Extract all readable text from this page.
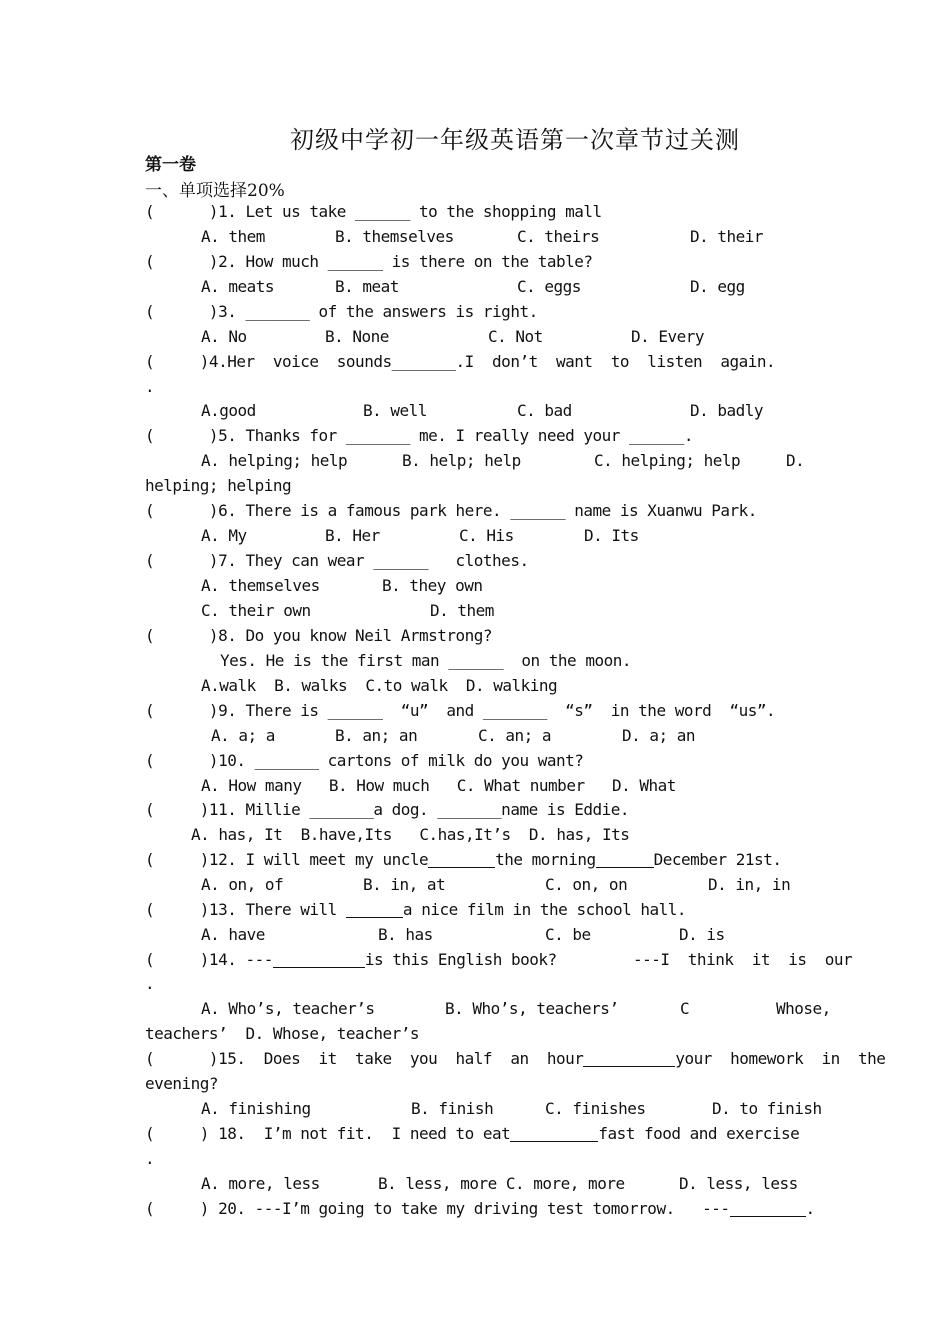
初级中学初一年级英语第一次章节过关测
第一卷
一、单项选择20%
(      )1. Let us take ______ to the shopping mall

A. them

	B. themselves

	C. theirs

	D. their

(      )2. How much ______ is there on the table?

A. meats

	B. meat

	C. eggs

	D. egg

(      )3. _______ of the answers is right.

A. No

	B. None

	C. Not

	D. Every

(     )4.Her  voice  sounds_______.I  don’t  want  to  listen  again.
.

A.good

	B. well

	C. bad

	D. badly

(      )5. Thanks for _______ me. I really need your ______.

A. helping; help

	B. help; help

	C. helping; help

	D.

helping; helping
(      )6. There is a famous park here. ______ name is Xuanwu Park.

A. My

	B. Her

	C. His

	D. Its

(      )7. They can wear ______   clothes.

A. themselves

	B. they own

C. their own

	D. them

(      )8. Do you know Neil Armstrong?
Yes. He is the first man ______  on the moon.
A.walk  B. walks  C.to walk  D. walking
(      )9. There is ______  “u”  and _______  “s”  in the word  “us”.

A. a; a

	B. an; an

	C. an; a

	D. a; an

(      )10. _______ cartons of milk do you want?
A. How many   B. How much   C. What number   D. What
(     )11. Millie _______a dog. _______name is Eddie.
A. has, It  B.have,Its   C.has,It’s  D. has, Its
(     )12. I will meet my uncle	the morning	December 21st.

A. on, of

	B. in, at

	C. on, on

	D. in, in

(     )13. There will	a nice film in the school hall.

A. have

	B. has

	C. be

	D. is

(     )14. ---	is this English book?	---I  think  it  is  our
.

A. Who’s, teacher’s

	B. Who’s, teachers’

	C

	Whose,

teachers’  D. Whose, teacher’s
(      )15.  Does  it  take  you  half  an  hour	your  homework  in  the
evening?

A. finishing

	B. finish

	C. finishes

	D. to finish

(     ) 18.  I’m not fit.  I need to eat	fast food and exercise
.

A. more, less

	B. less, more C. more, more

	D. less, less

(     ) 20. ---I’m going to take my driving test tomorrow.   ---	.
